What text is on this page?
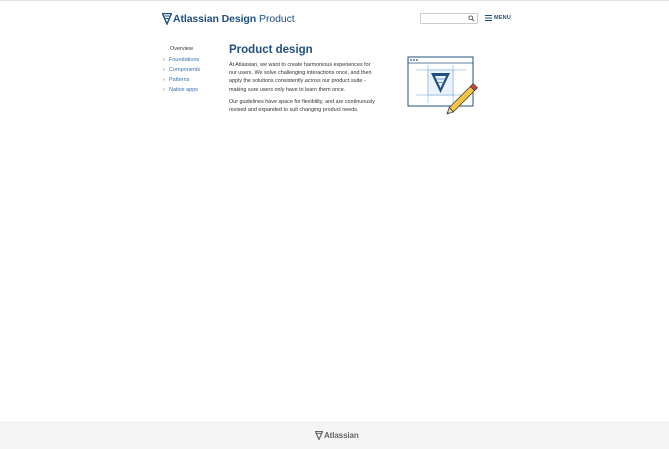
Atlassian Design Product	MENU
Overview
› Foundations
› Components
› Patterns
› Native apps
Product design

At Atlassian, we want to create harmonious experiences for our users. We solve challenging interactions once, and then apply the solutions consistently across our product suite - making sure users only have to learn them once.

Our guidelines have space for flexibility, and are continuously revised and expanded to suit changing product needs.

Atlassian
